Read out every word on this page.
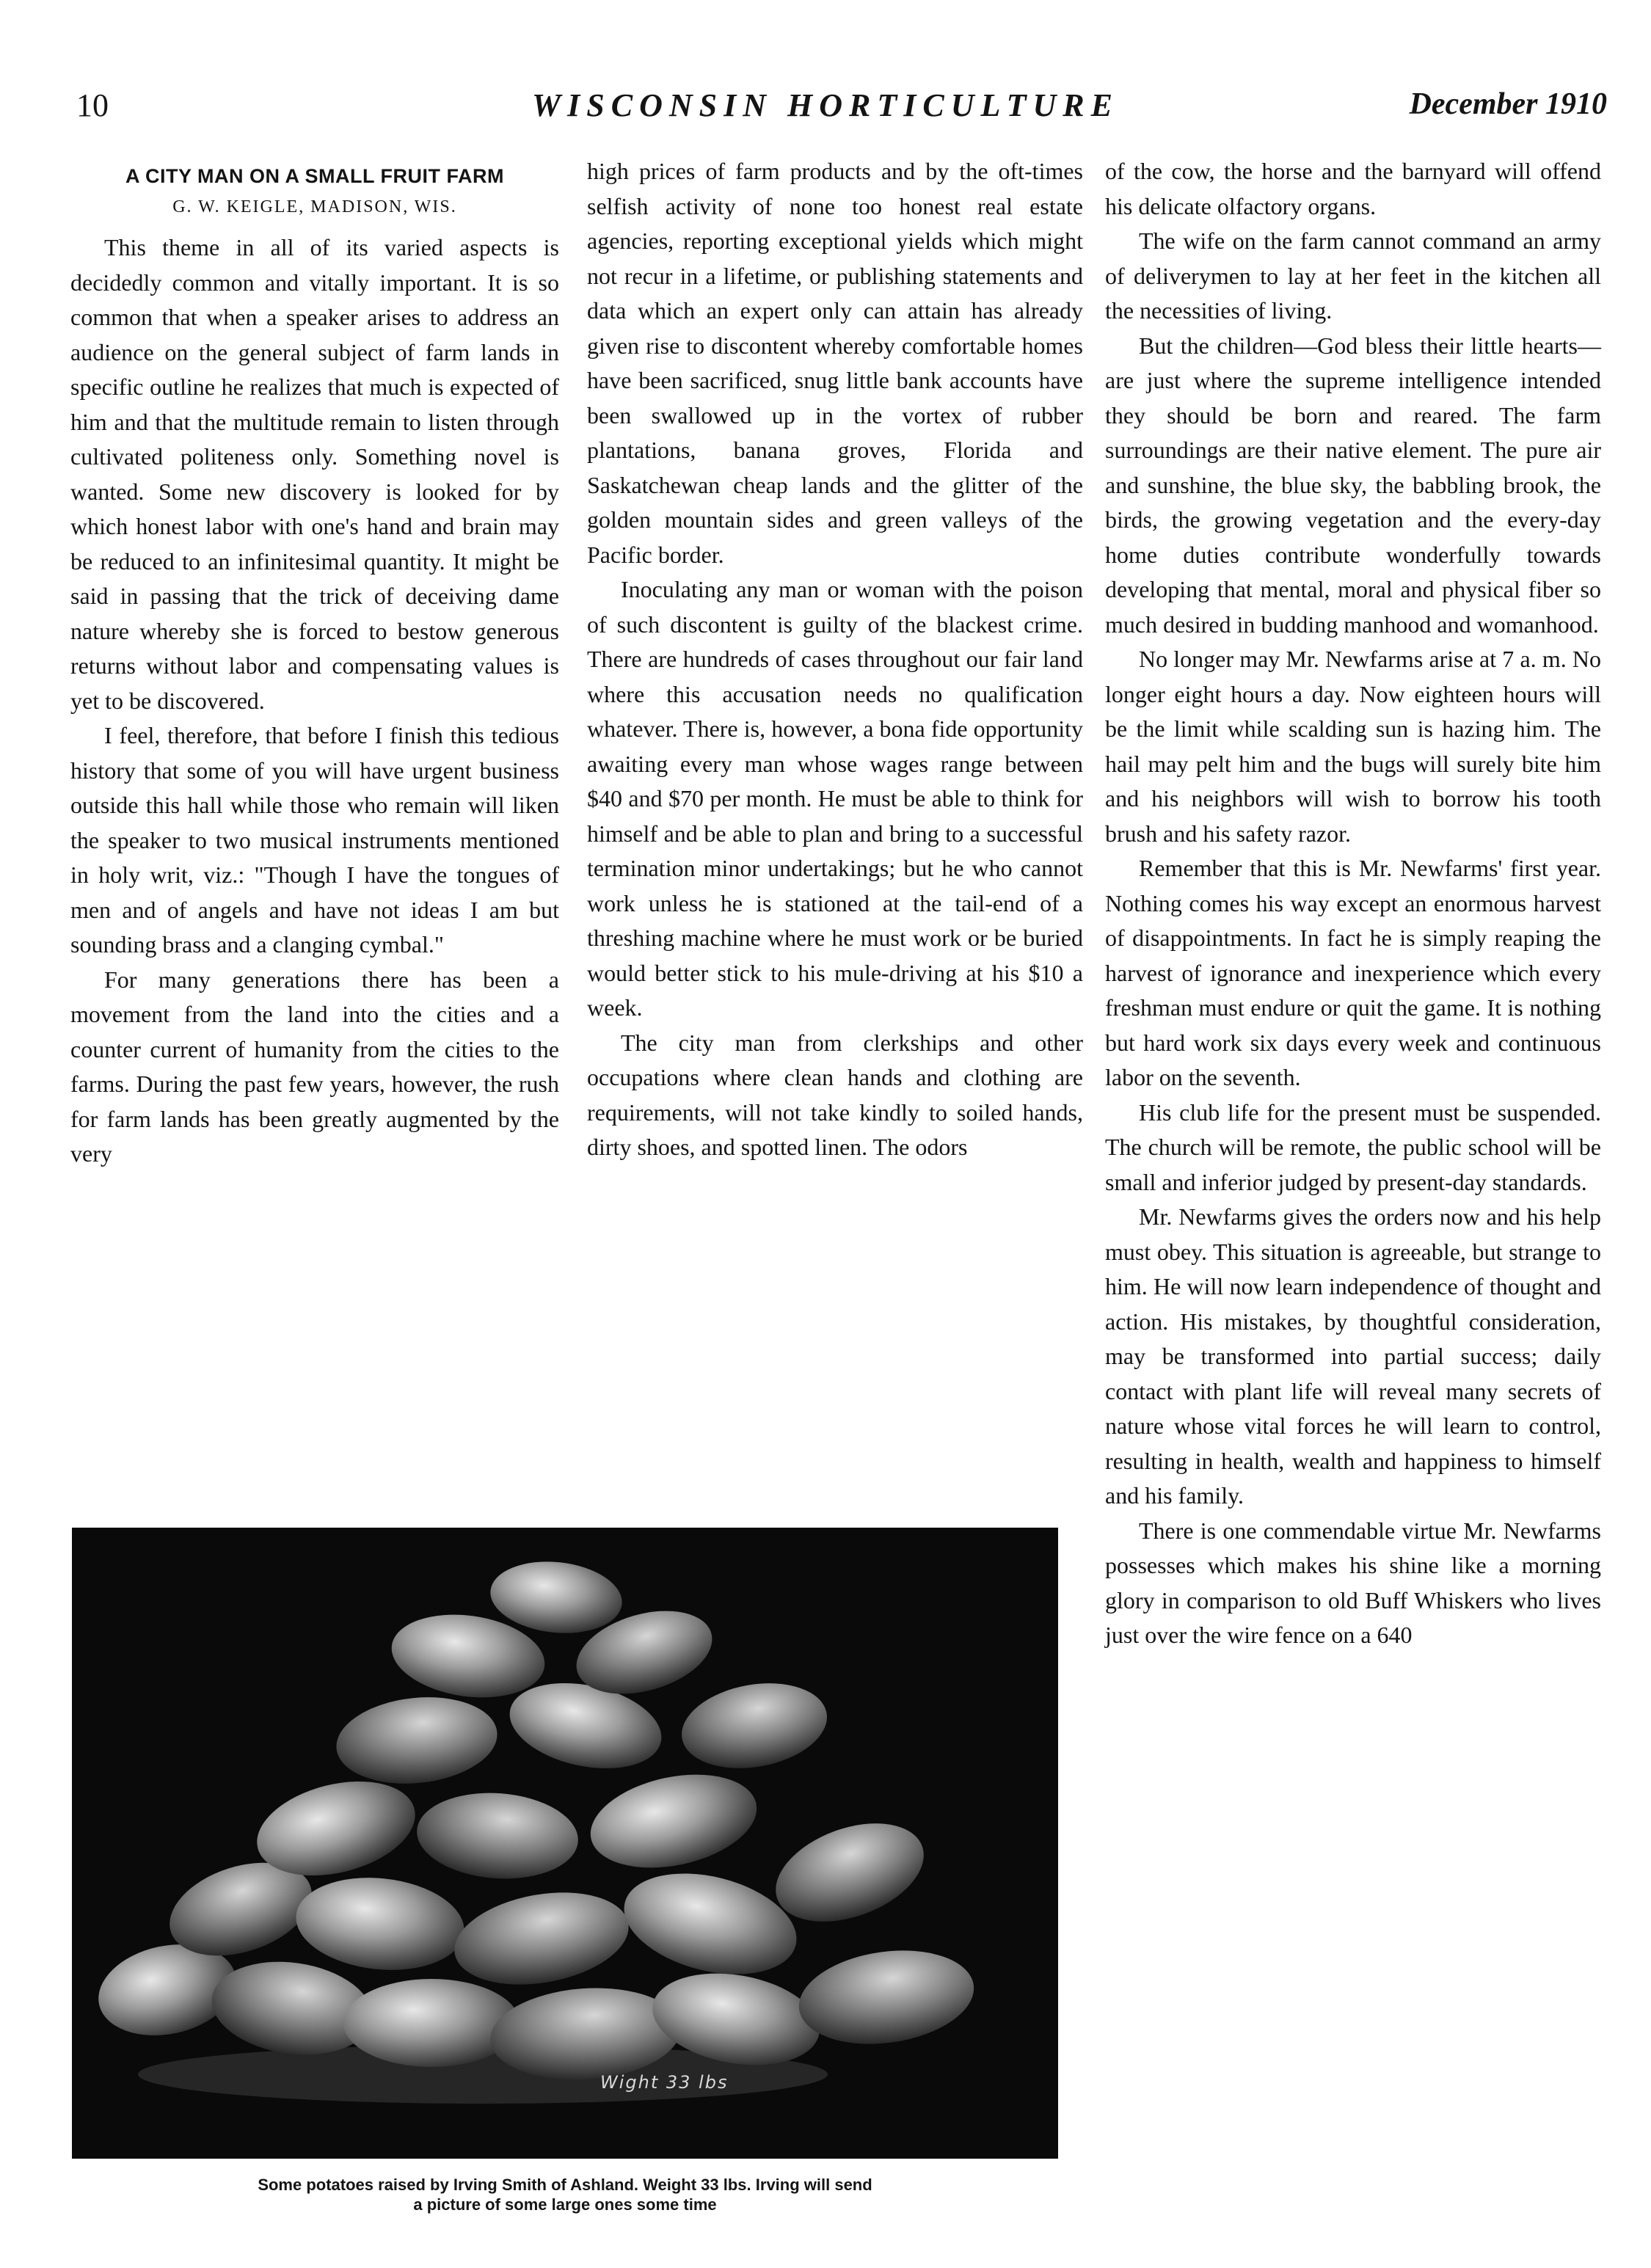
10	WISCONSIN HORTICULTURE	December 1910
A CITY MAN ON A SMALL FRUIT FARM
G. W. KEIGLE, MADISON, WIS.

This theme in all of its varied aspects is decidedly common and vitally important. It is so common that when a speaker arises to address an audience on the general subject of farm lands in specific outline he realizes that much is expected of him and that the multitude remain to listen through cultivated politeness only. Something novel is wanted. Some new discovery is looked for by which honest labor with one's hand and brain may be reduced to an infinitesimal quantity. It might be said in passing that the trick of deceiving dame nature whereby she is forced to bestow generous returns without labor and compensating values is yet to be discovered.

I feel, therefore, that before I finish this tedious history that some of you will have urgent business outside this hall while those who remain will liken the speaker to two musical instruments mentioned in holy writ, viz.: "Though I have the tongues of men and of angels and have not ideas I am but sounding brass and a clanging cymbal."

For many generations there has been a movement from the land into the cities and a counter current of humanity from the cities to the farms. During the past few years, however, the rush for farm lands has been greatly augmented by the very

high prices of farm products and by the oft-times selfish activity of none too honest real estate agencies, reporting exceptional yields which might not recur in a lifetime, or publishing statements and data which an expert only can attain has already given rise to discontent whereby comfortable homes have been sacrificed, snug little bank accounts have been swallowed up in the vortex of rubber plantations, banana groves, Florida and Saskatchewan cheap lands and the glitter of the golden mountain sides and green valleys of the Pacific border.

Inoculating any man or woman with the poison of such discontent is guilty of the blackest crime. There are hundreds of cases throughout our fair land where this accusation needs no qualification whatever. There is, however, a bona fide opportunity awaiting every man whose wages range between $40 and $70 per month. He must be able to think for himself and be able to plan and bring to a successful termination minor undertakings; but he who cannot work unless he is stationed at the tail-end of a threshing machine where he must work or be buried would better stick to his mule-driving at his $10 a week.

The city man from clerkships and other occupations where clean hands and clothing are requirements, will not take kindly to soiled hands, dirty shoes, and spotted linen. The odors

of the cow, the horse and the barnyard will offend his delicate olfactory organs.

The wife on the farm cannot command an army of deliverymen to lay at her feet in the kitchen all the necessities of living.

But the children—God bless their little hearts—are just where the supreme intelligence intended they should be born and reared. The farm surroundings are their native element. The pure air and sunshine, the blue sky, the babbling brook, the birds, the growing vegetation and the every-day home duties contribute wonderfully towards developing that mental, moral and physical fiber so much desired in budding manhood and womanhood.

No longer may Mr. Newfarms arise at 7 a. m. No longer eight hours a day. Now eighteen hours will be the limit while scalding sun is hazing him. The hail may pelt him and the bugs will surely bite him and his neighbors will wish to borrow his tooth brush and his safety razor.

Remember that this is Mr. Newfarms' first year. Nothing comes his way except an enormous harvest of disappointments. In fact he is simply reaping the harvest of ignorance and inexperience which every freshman must endure or quit the game. It is nothing but hard work six days every week and continuous labor on the seventh.

His club life for the present must be suspended. The church will be remote, the public school will be small and inferior judged by present-day standards.

Mr. Newfarms gives the orders now and his help must obey. This situation is agreeable, but strange to him. He will now learn independence of thought and action. His mistakes, by thoughtful consideration, may be transformed into partial success; daily contact with plant life will reveal many secrets of nature whose vital forces he will learn to control, resulting in health, wealth and happiness to himself and his family.

There is one commendable virtue Mr. Newfarms possesses which makes his shine like a morning glory in comparison to old Buff Whiskers who lives just over the wire fence on a 640

Wight 33 lbs
Some potatoes raised by Irving Smith of Ashland. Weight 33 lbs. Irving will send
a picture of some large ones some time
